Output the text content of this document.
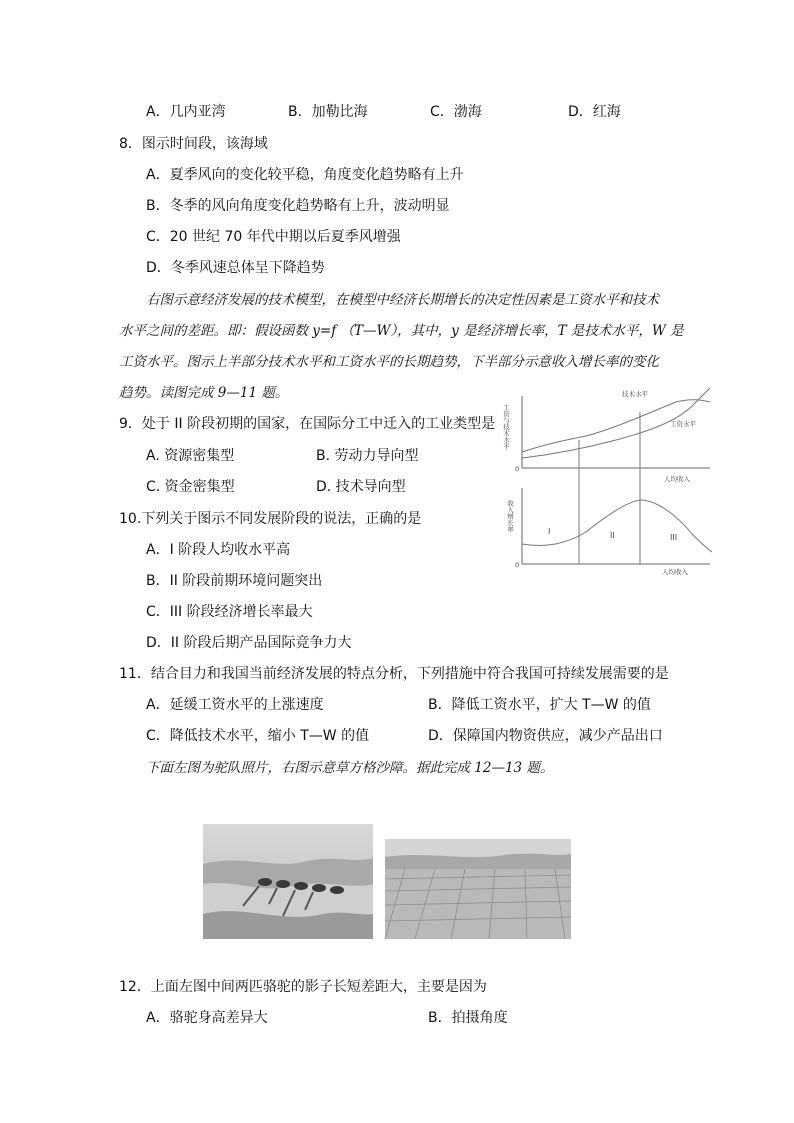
A．几内亚湾	B．加勒比海	C．渤海	D．红海
8．图示时间段，该海域
A．夏季风向的变化较平稳，角度变化趋势略有上升
B．冬季的风向角度变化趋势略有上升，波动明显
C．20 世纪 70 年代中期以后夏季风增强
D．冬季风速总体呈下降趋势
右图示意经济发展的技术模型，在模型中经济长期增长的决定性因素是工资水平和技术
水平之间的差距。即：假设函数 y=f （T—W），其中，y 是经济增长率，T 是技术水平，W 是
工资水平。图示上半部分技术水平和工资水平的长期趋势，下半部分示意收入增长率的变化
趋势。读图完成 9—11 题。
9．处于 II 阶段初期的国家，在国际分工中迁入的工业类型是
A. 资源密集型	B. 劳动力导向型
C. 资金密集型	D. 技术导向型
10.下列关于图示不同发展阶段的说法，正确的是
A．I 阶段人均收水平高
B．II 阶段前期环境问题突出
C．III 阶段经济增长率最大
D．II 阶段后期产品国际竞争力大
11．结合目力和我国当前经济发展的特点分析，下列措施中符合我国可持续发展需要的是
A．延缓工资水平的上涨速度	B．降低工资水平，扩大 T—W 的值
C．降低技术水平，缩小 T—W 的值	D．保障国内物资供应，减少产品出口
下面左图为驼队照片，右图示意草方格沙障。据此完成 12—13 题。
工资与技术水平
0
技术水平
工资水平
人均收入
收入增长率
0
人均收入
I	II	III
12．上面左图中间两匹骆驼的影子长短差距大，主要是因为
A．骆驼身高差异大	B．拍摄角度
